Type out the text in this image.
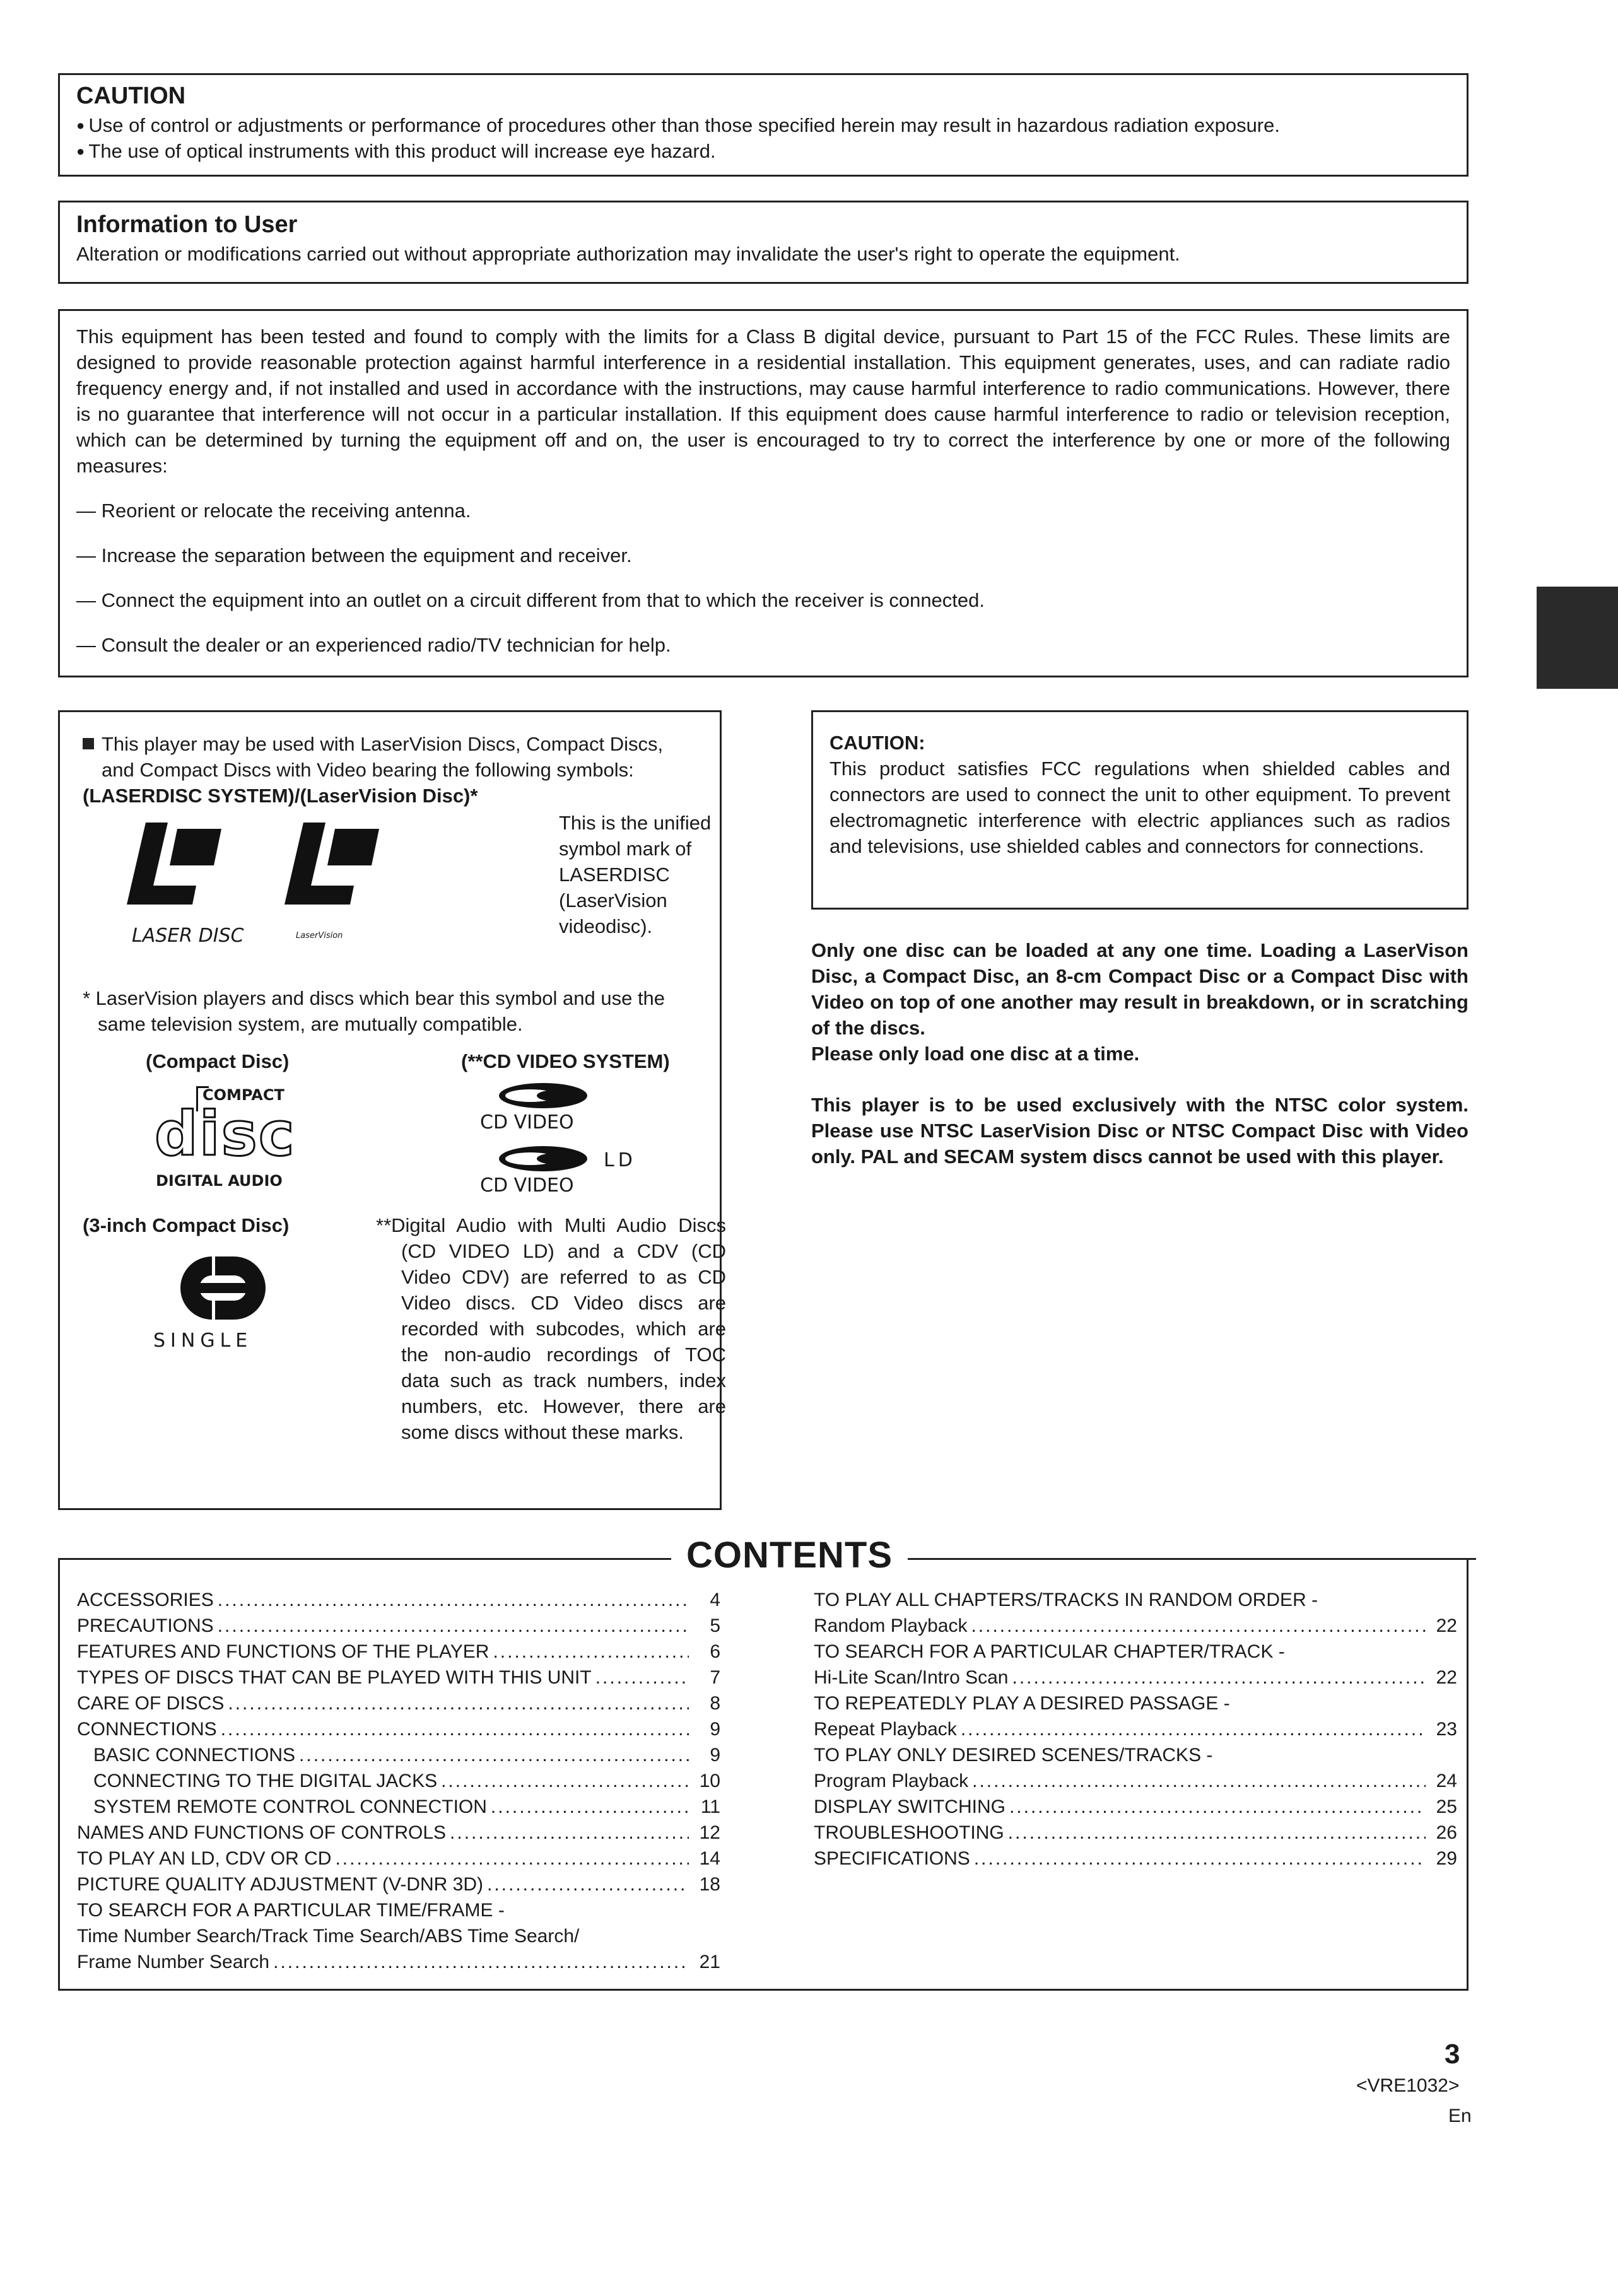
CAUTION

● Use of control or adjustments or performance of procedures other than those specified herein may result in hazardous radiation exposure.

● The use of optical instruments with this product will increase eye hazard.

Information to User

Alteration or modifications carried out without appropriate authorization may invalidate the user's right to operate the equipment.

This equipment has been tested and found to comply with the limits for a Class B digital device, pursuant to Part 15 of the FCC Rules. These limits are designed to provide reasonable protection against harmful interference in a residential installation. This equipment generates, uses, and can radiate radio frequency energy and, if not installed and used in accordance with the instructions, may cause harmful interference to radio communications. However, there is no guarantee that interference will not occur in a particular installation. If this equipment does cause harmful interference to radio or television reception, which can be determined by turning the equipment off and on, the user is encouraged to try to correct the interference by one or more of the following measures:

— Reorient or relocate the receiving antenna.

— Increase the separation between the equipment and receiver.

— Connect the equipment into an outlet on a circuit different from that to which the receiver is connected.

— Consult the dealer or an experienced radio/TV technician for help.

This player may be used with LaserVision Discs, Compact Discs, and Compact Discs with Video bearing the following symbols:

(LASERDISC SYSTEM)/(LaserVision Disc)*

LASER DISC	LaserVision

This is the unified symbol mark of LASERDISC (LaserVision videodisc).

* LaserVision players and discs which bear this symbol and use the same television system, are mutually compatible.

(Compact Disc)	(**CD VIDEO SYSTEM)
COMPACT
disc
DIGITAL AUDIO
CD VIDEO
LD
CD VIDEO
(3-inch Compact Disc)
SINGLE

**Digital Audio with Multi Audio Discs (CD VIDEO LD) and a CDV (CD Video CDV) are referred to as CD Video discs. CD Video discs are recorded with subcodes, which are the non-audio recordings of TOC data such as track numbers, index numbers, etc. However, there are some discs without these marks.

CAUTION:

This product satisfies FCC regulations when shielded cables and connectors are used to connect the unit to other equipment. To prevent electromagnetic interference with electric appliances such as radios and televisions, use shielded cables and connectors for connections.

Only one disc can be loaded at any one time. Loading a LaserVison Disc, a Compact Disc, an 8-cm Compact Disc or a Compact Disc with Video on top of one another may result in breakdown, or in scratching of the discs.

Please only load one disc at a time.

This player is to be used exclusively with the NTSC color system. Please use NTSC LaserVision Disc or NTSC Compact Disc with Video only. PAL and SECAM system discs cannot be used with this player.

CONTENTS
ACCESSORIES .....	4
PRECAUTIONS .....	5
FEATURES AND FUNCTIONS OF THE PLAYER .....	6
TYPES OF DISCS THAT CAN BE PLAYED WITH THIS UNIT .....	7
CARE OF DISCS .....	8
CONNECTIONS .....	9
BASIC CONNECTIONS .....	9
CONNECTING TO THE DIGITAL JACKS .....	10
SYSTEM REMOTE CONTROL CONNECTION .....	11
NAMES AND FUNCTIONS OF CONTROLS .....	12
TO PLAY AN LD, CDV OR CD .....	14
PICTURE QUALITY ADJUSTMENT (V-DNR 3D) .....	18
TO SEARCH FOR A PARTICULAR TIME/FRAME -
Time Number Search/Track Time Search/ABS Time Search/
Frame Number Search .....	21
TO PLAY ALL CHAPTERS/TRACKS IN RANDOM ORDER -
Random Playback .....	22
TO SEARCH FOR A PARTICULAR CHAPTER/TRACK -
Hi-Lite Scan/Intro Scan .....	22
TO REPEATEDLY PLAY A DESIRED PASSAGE -
Repeat Playback .....	23
TO PLAY ONLY DESIRED SCENES/TRACKS -
Program Playback .....	24
DISPLAY SWITCHING .....	25
TROUBLESHOOTING .....	26
SPECIFICATIONS .....	29
3
<VRE1032>
En
